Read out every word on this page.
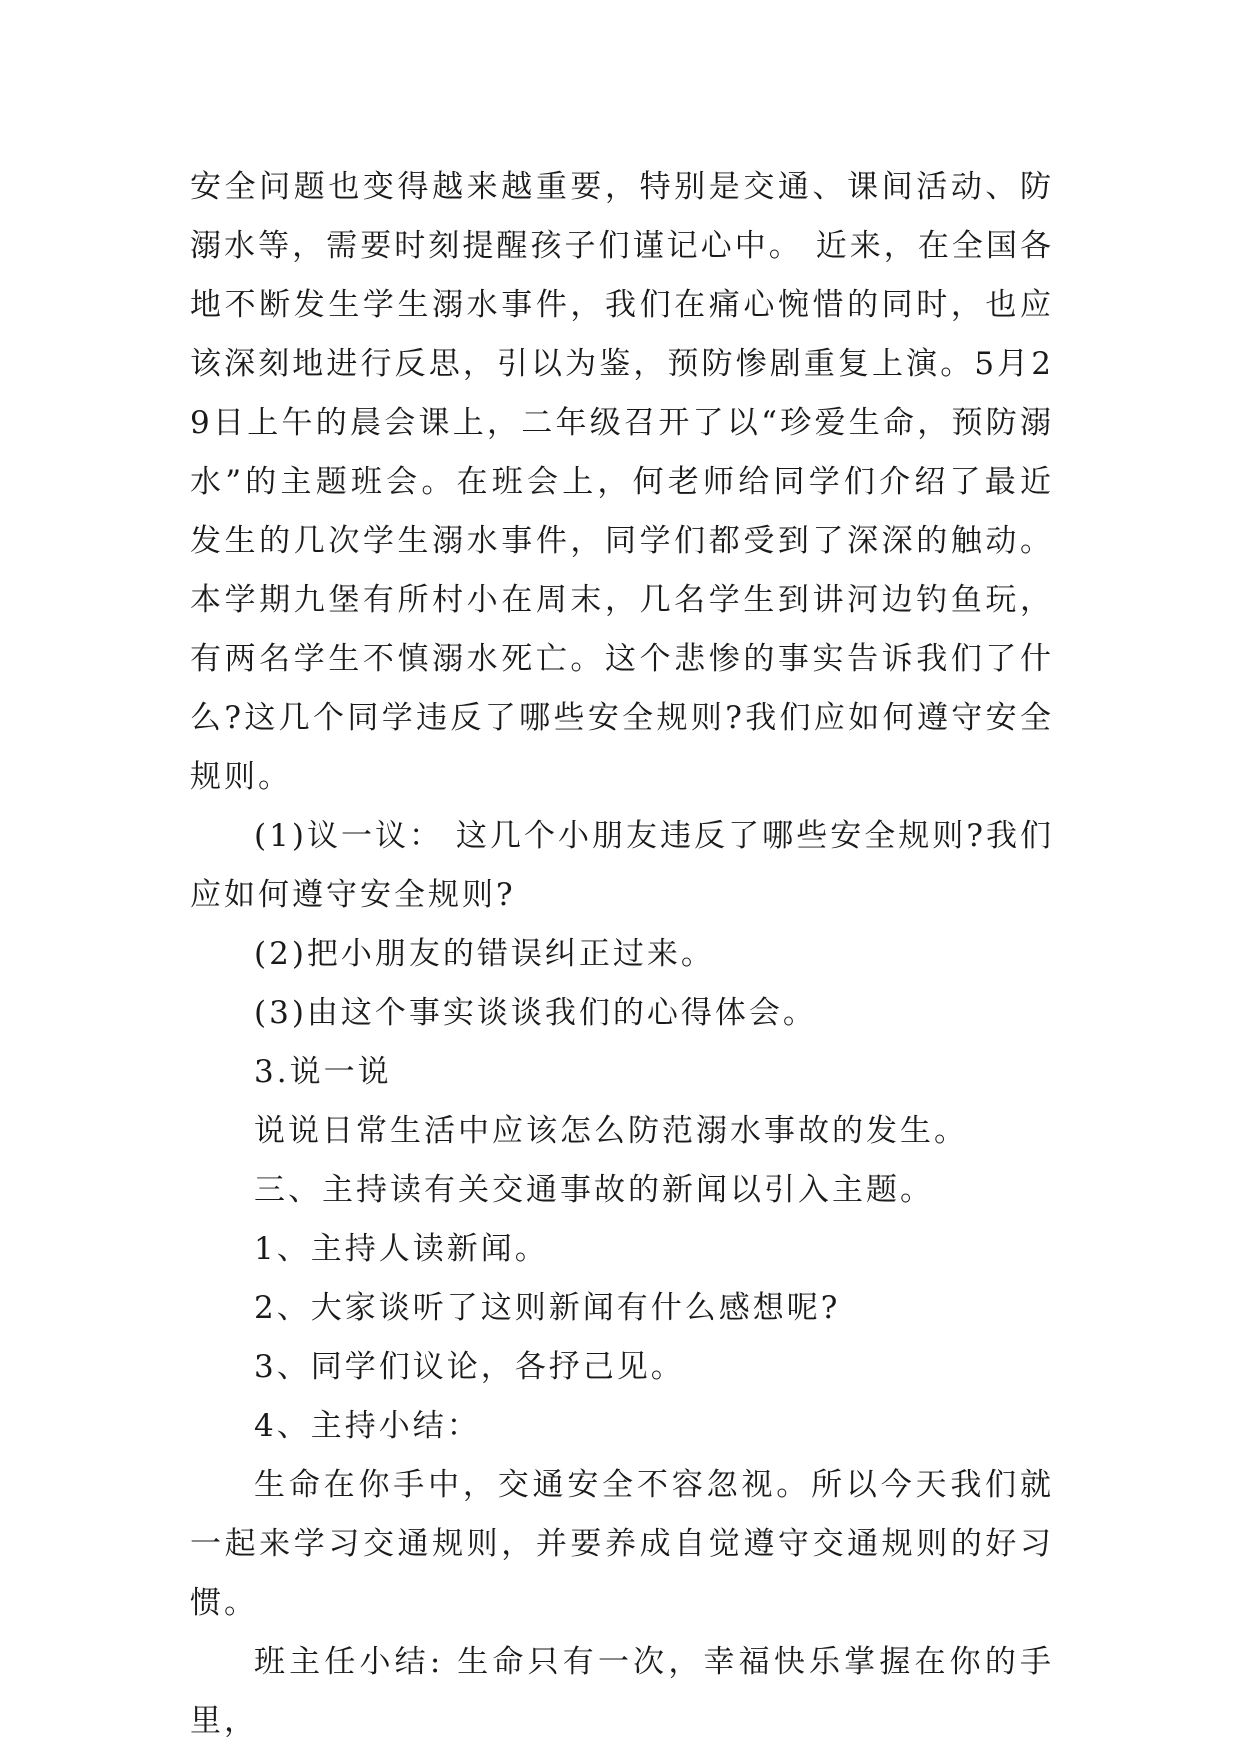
安全问题也变得越来越重要，特别是交通、课间活动、防溺水等，需要时刻提醒孩子们谨记心中。 近来，在全国各地不断发生学生溺水事件，我们在痛心惋惜的同时，也应该深刻地进行反思，引以为鉴，预防惨剧重复上演。5月29日上午的晨会课上，二年级召开了以“珍爱生命，预防溺水”的主题班会。在班会上，何老师给同学们介绍了最近发生的几次学生溺水事件，同学们都受到了深深的触动。本学期九堡有所村小在周末，几名学生到讲河边钓鱼玩，有两名学生不慎溺水死亡。这个悲惨的事实告诉我们了什么?这几个同学违反了哪些安全规则?我们应如何遵守安全规则。

(1)议一议： 这几个小朋友违反了哪些安全规则?我们应如何遵守安全规则?

(2)把小朋友的错误纠正过来。

(3)由这个事实谈谈我们的心得体会。

3.说一说

说说日常生活中应该怎么防范溺水事故的发生。

三、主持读有关交通事故的新闻以引入主题。

1、主持人读新闻。

2、大家谈听了这则新闻有什么感想呢?

3、同学们议论，各抒己见。

4、主持小结：

生命在你手中，交通安全不容忽视。所以今天我们就一起来学习交通规则，并要养成自觉遵守交通规则的好习惯。

班主任小结: 生命只有一次，幸福快乐掌握在你的手里，
